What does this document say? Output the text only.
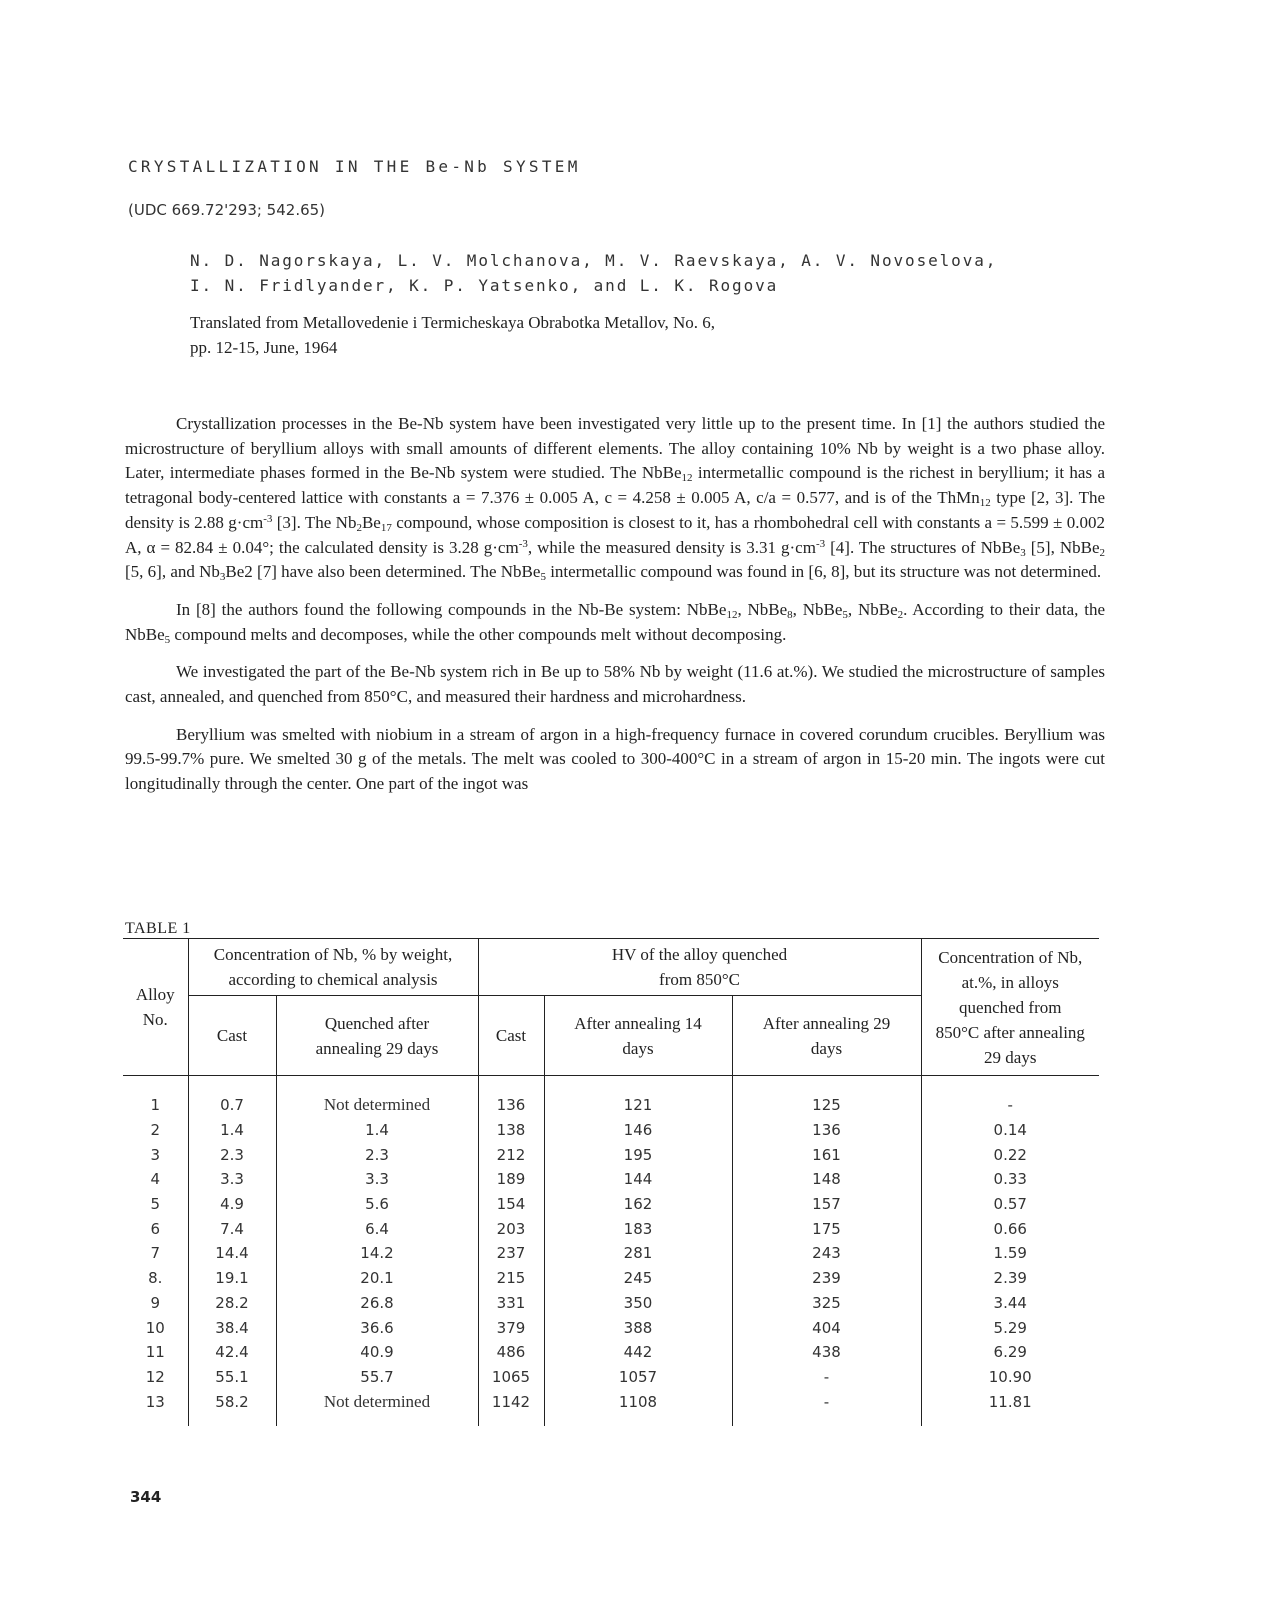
CRYSTALLIZATION IN THE Be-Nb SYSTEM
(UDC 669.72'293; 542.65)
N. D. Nagorskaya, L. V. Molchanova, M. V. Raevskaya, A. V. Novoselova,
I. N. Fridlyander, K. P. Yatsenko, and L. K. Rogova
Translated from Metallovedenie i Termicheskaya Obrabotka Metallov, No. 6,
pp. 12-15, June, 1964

Crystallization processes in the Be-Nb system have been investigated very little up to the present time. In [1] the authors studied the microstructure of beryllium alloys with small amounts of different elements. The alloy containing 10% Nb by weight is a two phase alloy. Later, intermediate phases formed in the Be-Nb system were studied. The NbBe$_{12}$ intermetallic compound is the richest in beryllium; it has a tetragonal body-centered lattice with constants a = 7.376 ± 0.005 A, c = 4.258 ± 0.005 A, c/a = 0.577, and is of the ThMn$_{12}$ type [2, 3]. The density is 2.88 $g\cdot cm^{-3}$ [3]. The $Nb_2Be_{17}$ compound, whose composition is closest to it, has a rhombohedral cell with constants a = 5.599 ± 0.002 A, α = 82.84 ± 0.04°; the calculated density is 3.28 $g\cdot cm^{-3}$, while the measured density is 3.31 $g\cdot cm^{-3}$ [4]. The structures of NbBe$_3$ [5], NbBe$_2$ [5, 6], and $Nb_3Be2$ [7] have also been determined. The NbBe$_5$ intermetallic compound was found in [6, 8], but its structure was not determined.

In [8] the authors found the following compounds in the Nb-Be system: NbBe$_{12}$, NbBe$_8$, NbBe$_5$, NbBe$_2$. According to their data, the NbBe$_5$ compound melts and decomposes, while the other compounds melt without decomposing.

We investigated the part of the Be-Nb system rich in Be up to 58% Nb by weight (11.6 at.%). We studied the microstructure of samples cast, annealed, and quenched from 850°C, and measured their hardness and microhardness.

Beryllium was smelted with niobium in a stream of argon in a high-frequency furnace in covered corundum crucibles. Beryllium was 99.5-99.7% pure. We smelted 30 g of the metals. The melt was cooled to 300-400°C in a stream of argon in 15-20 min. The ingots were cut longitudinally through the center. One part of the ingot was

TABLE 1
Alloy No.	Concentration of Nb, % by weight, according to chemical analysis		HV of the alloy quenched from 850°C			Concentration of Nb, at.%, in alloys quenched from 850°C after annealing 29 days
	Cast	Quenched after annealing 29 days	Cast	After annealing 14 days	After annealing 29 days	
1	0.7	Not determined	136	121	125	-
2	1.4	1.4	138	146	136	0.14
3	2.3	2.3	212	195	161	0.22
4	3.3	3.3	189	144	148	0.33
5	4.9	5.6	154	162	157	0.57
6	7.4	6.4	203	183	175	0.66
7	14.4	14.2	237	281	243	1.59
8.	19.1	20.1	215	245	239	2.39
9	28.2	26.8	331	350	325	3.44
10	38.4	36.6	379	388	404	5.29
11	42.4	40.9	486	442	438	6.29
12	55.1	55.7	1065	1057	-	10.90
13	58.2	Not determined	1142	1108	-	11.81
344
